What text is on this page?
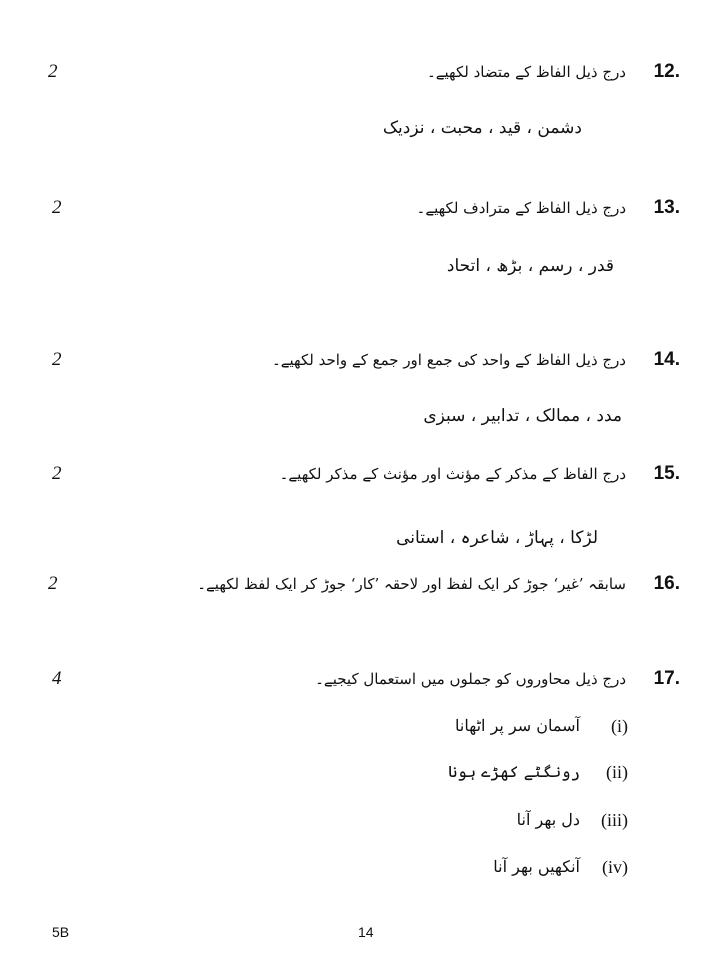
2	درج ذیل الفاظ کے متضاد لکھیے۔ 12.
دشمن ، قید ، محبت ، نزدیک
2	درج ذیل الفاظ کے مترادف لکھیے۔ 13.
قدر ، رسم ، بڑھ ، اتحاد
2	درج ذیل الفاظ کے واحد کی جمع اور جمع کے واحد لکھیے۔ 14.
مدد ، ممالک ، تدابیر ، سبزی
2	درج الفاظ کے مذکر کے مؤنث اور مؤنث کے مذکر لکھیے۔ 15.
لڑکا ، پہاڑ ، شاعرہ ، استانی
2	سابقہ ’غیر‘ جوڑ کر ایک لفظ اور لاحقہ ’کار‘ جوڑ کر ایک لفظ لکھیے۔ 16.
4	درج ذیل محاوروں کو جملوں میں استعمال کیجیے۔ 17.
(i)
آسمان سر پر اٹھانا
(ii)
رونگٹے کھڑے ہونا
(iii)
دل بھر آنا
(iv)
آنکھیں بھر آنا
5B	14
